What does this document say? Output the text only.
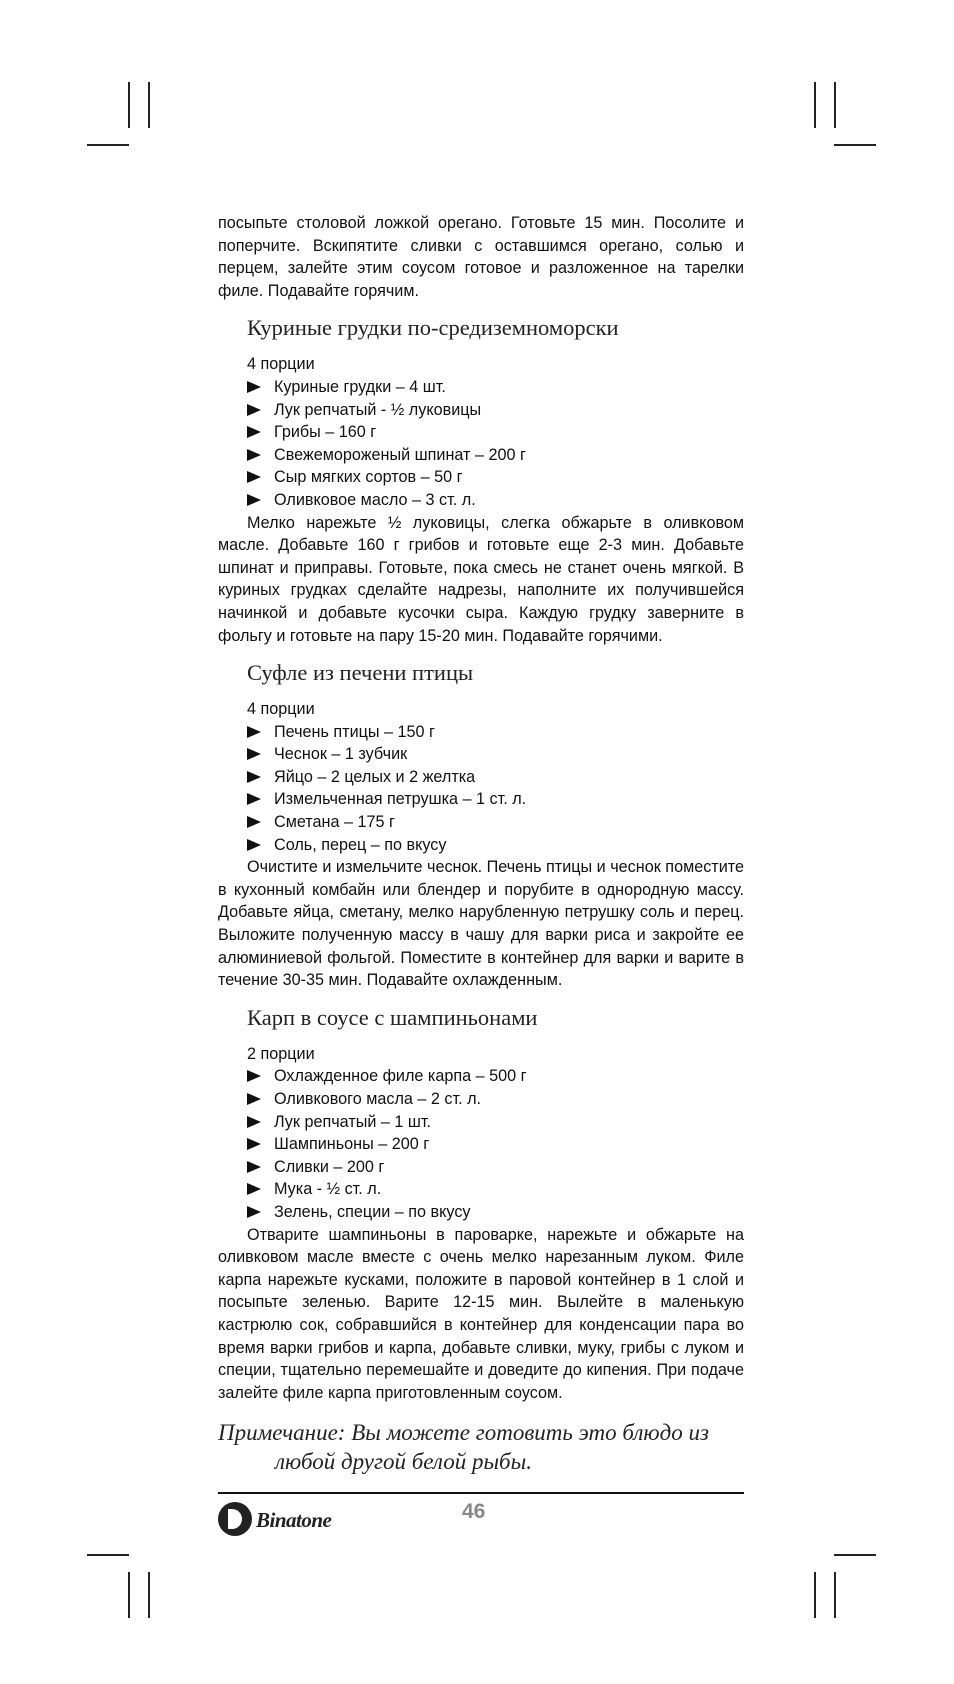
посыпьте столовой ложкой орегано. Готовьте 15 мин. Посолите и поперчите. Вскипятите сливки с оставшимся орегано, солью и перцем, залейте этим соусом готовое и разложенное на тарелки филе. Подавайте горячим.

Куриные грудки по-средиземноморски
4 порции
Куриные грудки – 4 шт.
Лук репчатый - ½ луковицы
Грибы – 160 г
Свежемороженый шпинат – 200 г
Сыр мягких сортов – 50 г
Оливковое масло – 3 ст. л.

Мелко нарежьте ½ луковицы, слегка обжарьте в оливковом масле. Добавьте 160 г грибов и готовьте еще 2-3 мин. Добавьте шпинат и приправы. Готовьте, пока смесь не станет очень мягкой. В куриных грудках сделайте надрезы, наполните их получившейся начинкой и добавьте кусочки сыра. Каждую грудку заверните в фольгу и готовьте на пару 15-20 мин. Подавайте горячими.

Суфле из печени птицы
4 порции
Печень птицы – 150 г
Чеснок – 1 зубчик
Яйцо – 2 целых и 2 желтка
Измельченная петрушка – 1 ст. л.
Сметана – 175 г
Соль, перец – по вкусу

Очистите и измельчите чеснок. Печень птицы и чеснок поместите в кухонный комбайн или блендер и порубите в однородную массу. Добавьте яйца, сметану, мелко нарубленную петрушку соль и перец. Выложите полученную массу в чашу для варки риса и закройте ее алюминиевой фольгой. Поместите в контейнер для варки и варите в течение 30-35 мин. Подавайте охлажденным.

Карп в соусе с шампиньонами
2 порции
Охлажденное филе карпа – 500 г
Оливкового масла – 2 ст. л.
Лук репчатый – 1 шт.
Шампиньоны – 200 г
Сливки – 200 г
Мука - ½ ст. л.
Зелень, специи – по вкусу

Отварите шампиньоны в пароварке, нарежьте и обжарьте на оливковом масле вместе с очень мелко нарезанным луком. Филе карпа нарежьте кусками, положите в паровой контейнер в 1 слой и посыпьте зеленью. Варите 12-15 мин. Вылейте в маленькую кастрюлю сок, собравшийся в контейнер для конденсации пара во время варки грибов и карпа, добавьте сливки, муку, грибы с луком и специи, тщательно перемешайте и доведите до кипения. При подаче залейте филе карпа приготовленным соусом.

Примечание: Вы можете готовить это блюдо из
любой другой белой рыбы.

Binatone	46
